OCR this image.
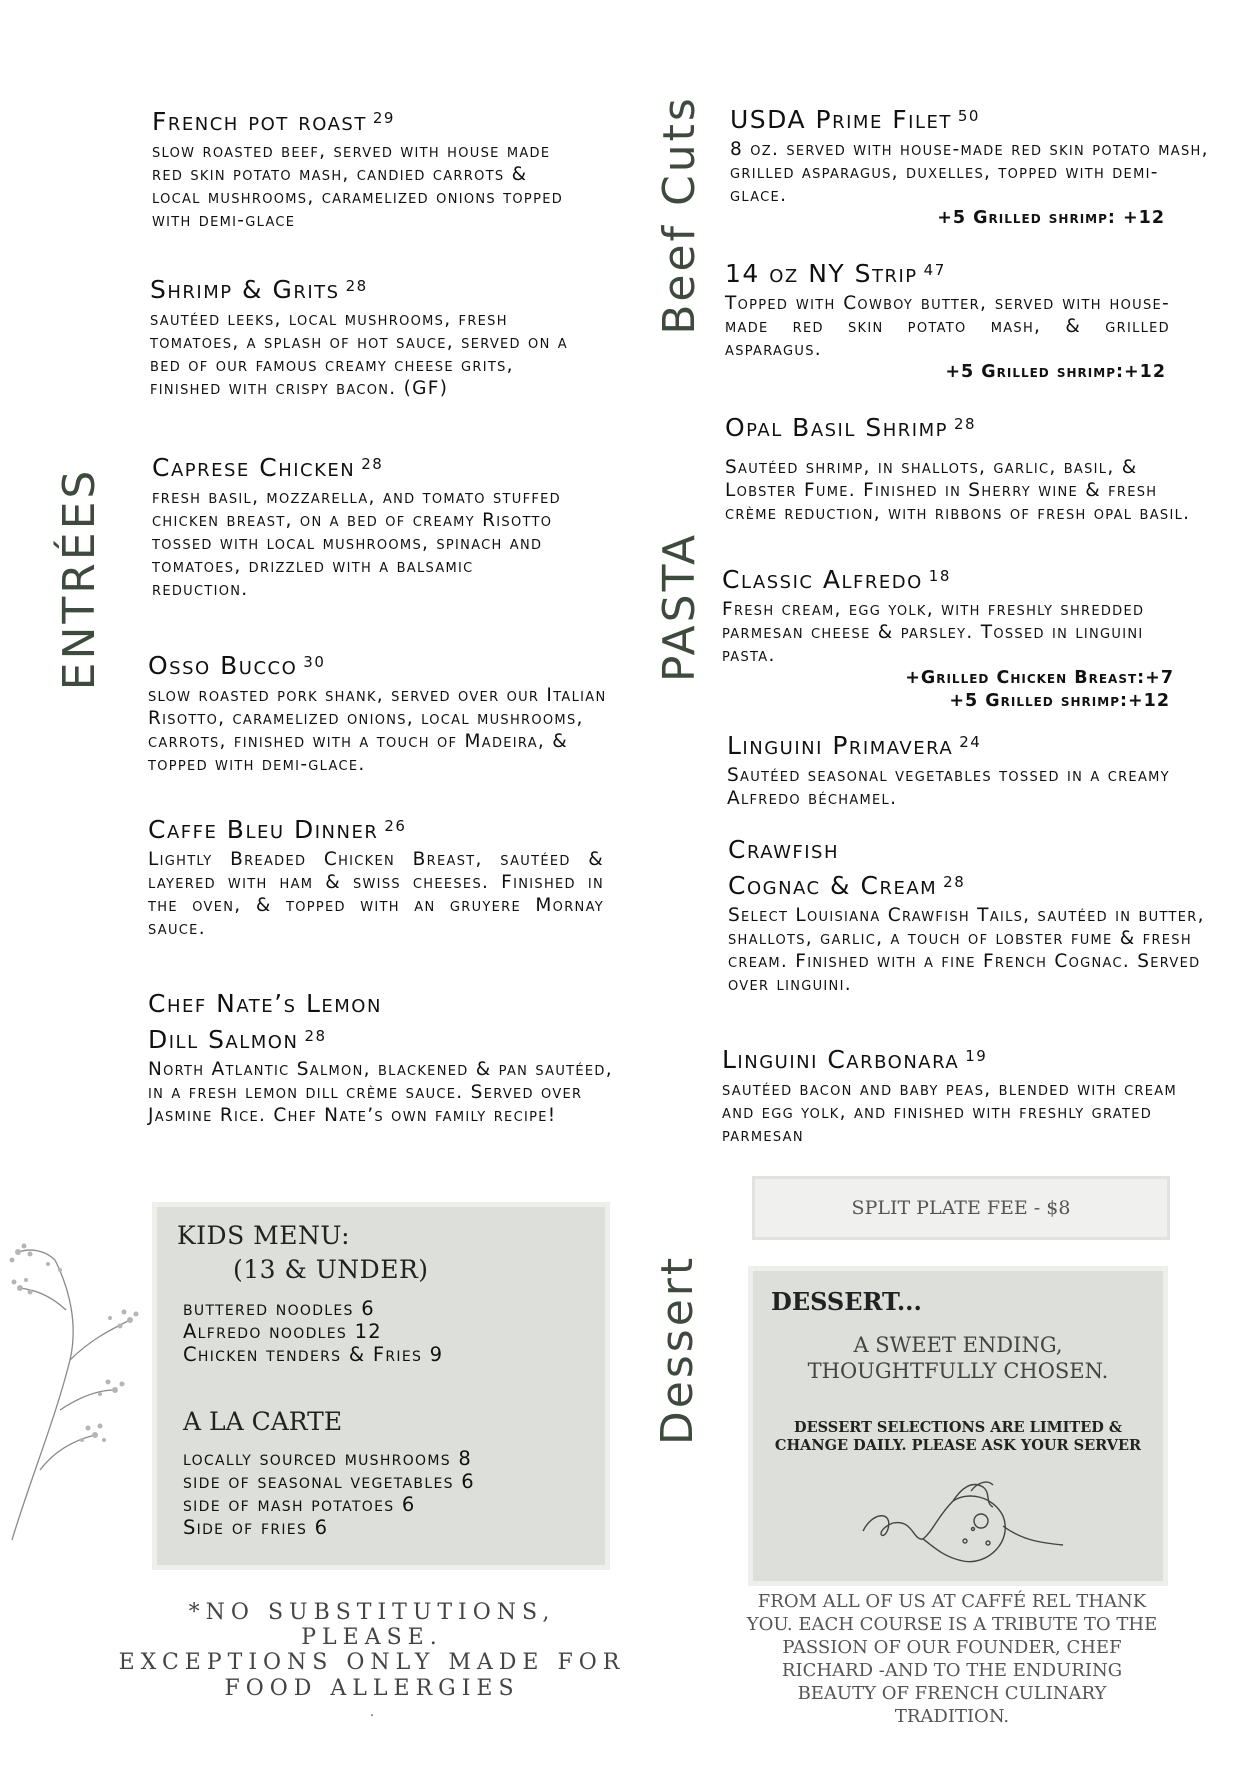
ENTRÉES
Beef Cuts
PASTA
Dessert
French pot roast $^{29}$
slow roasted beef, served with house made red skin potato mash, candied carrots & local mushrooms, caramelized onions topped with demi-glace
Shrimp & Grits $^{28}$
sautéed leeks, local mushrooms, fresh tomatoes, a splash of hot sauce, served on a bed of our famous creamy cheese grits, finished with crispy bacon. (GF)
Caprese Chicken $^{28}$
fresh basil, mozzarella, and tomato stuffed chicken breast, on a bed of creamy Risotto tossed with local mushrooms, spinach and tomatoes, drizzled with a balsamic reduction.
Osso Bucco $^{30}$
slow roasted pork shank, served over our Italian Risotto, caramelized onions, local mushrooms, carrots, finished with a touch of Madeira, & topped with demi-glace.
Caffe Bleu Dinner $^{26}$
Lightly Breaded Chicken Breast, sautéed & layered with ham & swiss cheeses. Finished in the oven, & topped with an gruyere Mornay sauce.
Chef Nate’s Lemon
Dill Salmon $^{28}$
North Atlantic Salmon, blackened & pan sautéed, in a fresh lemon dill crème sauce. Served over Jasmine Rice. Chef Nate’s own family recipe!
USDA Prime Filet $^{50}$
8 oz. served with house-made red skin potato mash, grilled asparagus, duxelles, topped with demi-glace.
+5 Grilled shrimp: +12
14 oz NY Strip $^{47}$
Topped with Cowboy butter, served with house-made red skin potato mash, & grilled asparagus.
+5 Grilled shrimp:+12
Opal Basil Shrimp $^{28}$
Sautéed shrimp, in shallots, garlic, basil, & Lobster Fume. Finished in Sherry wine & fresh crème reduction, with ribbons of fresh opal basil.
Classic Alfredo $^{18}$
Fresh cream, egg yolk, with freshly shredded parmesan cheese & parsley. Tossed in linguini pasta.
+Grilled Chicken Breast:+7
+5 Grilled shrimp:+12
Linguini Primavera $^{24}$
Sautéed seasonal vegetables tossed in a creamy Alfredo béchamel.
Crawfish
Cognac & Cream $^{28}$
Select Louisiana Crawfish Tails, sautéed in butter, shallots, garlic, a touch of lobster fume & fresh cream. Finished with a fine French Cognac. Served over linguini.
Linguini Carbonara $^{19}$
sautéed bacon and baby peas, blended with cream and egg yolk, and finished with freshly grated parmesan
KIDS MENU:
(13 & UNDER)
buttered noodles 6
Alfredo noodles 12
Chicken tenders & Fries 9
A LA CARTE
locally sourced mushrooms 8
side of seasonal vegetables 6
side of mash potatoes 6
Side of fries 6
SPLIT PLATE FEE - $8
DESSERT...
A SWEET ENDING,
THOUGHTFULLY CHOSEN.
DESSERT SELECTIONS ARE LIMITED &
CHANGE DAILY. PLEASE ASK YOUR SERVER
*NO SUBSTITUTIONS, PLEASE.
EXCEPTIONS ONLY MADE FOR
FOOD ALLERGIES
.
FROM ALL OF US AT CAFFÉ REL THANK
YOU. EACH COURSE IS A TRIBUTE TO THE
PASSION OF OUR FOUNDER, CHEF
RICHARD -AND TO THE ENDURING
BEAUTY OF FRENCH CULINARY
TRADITION.
